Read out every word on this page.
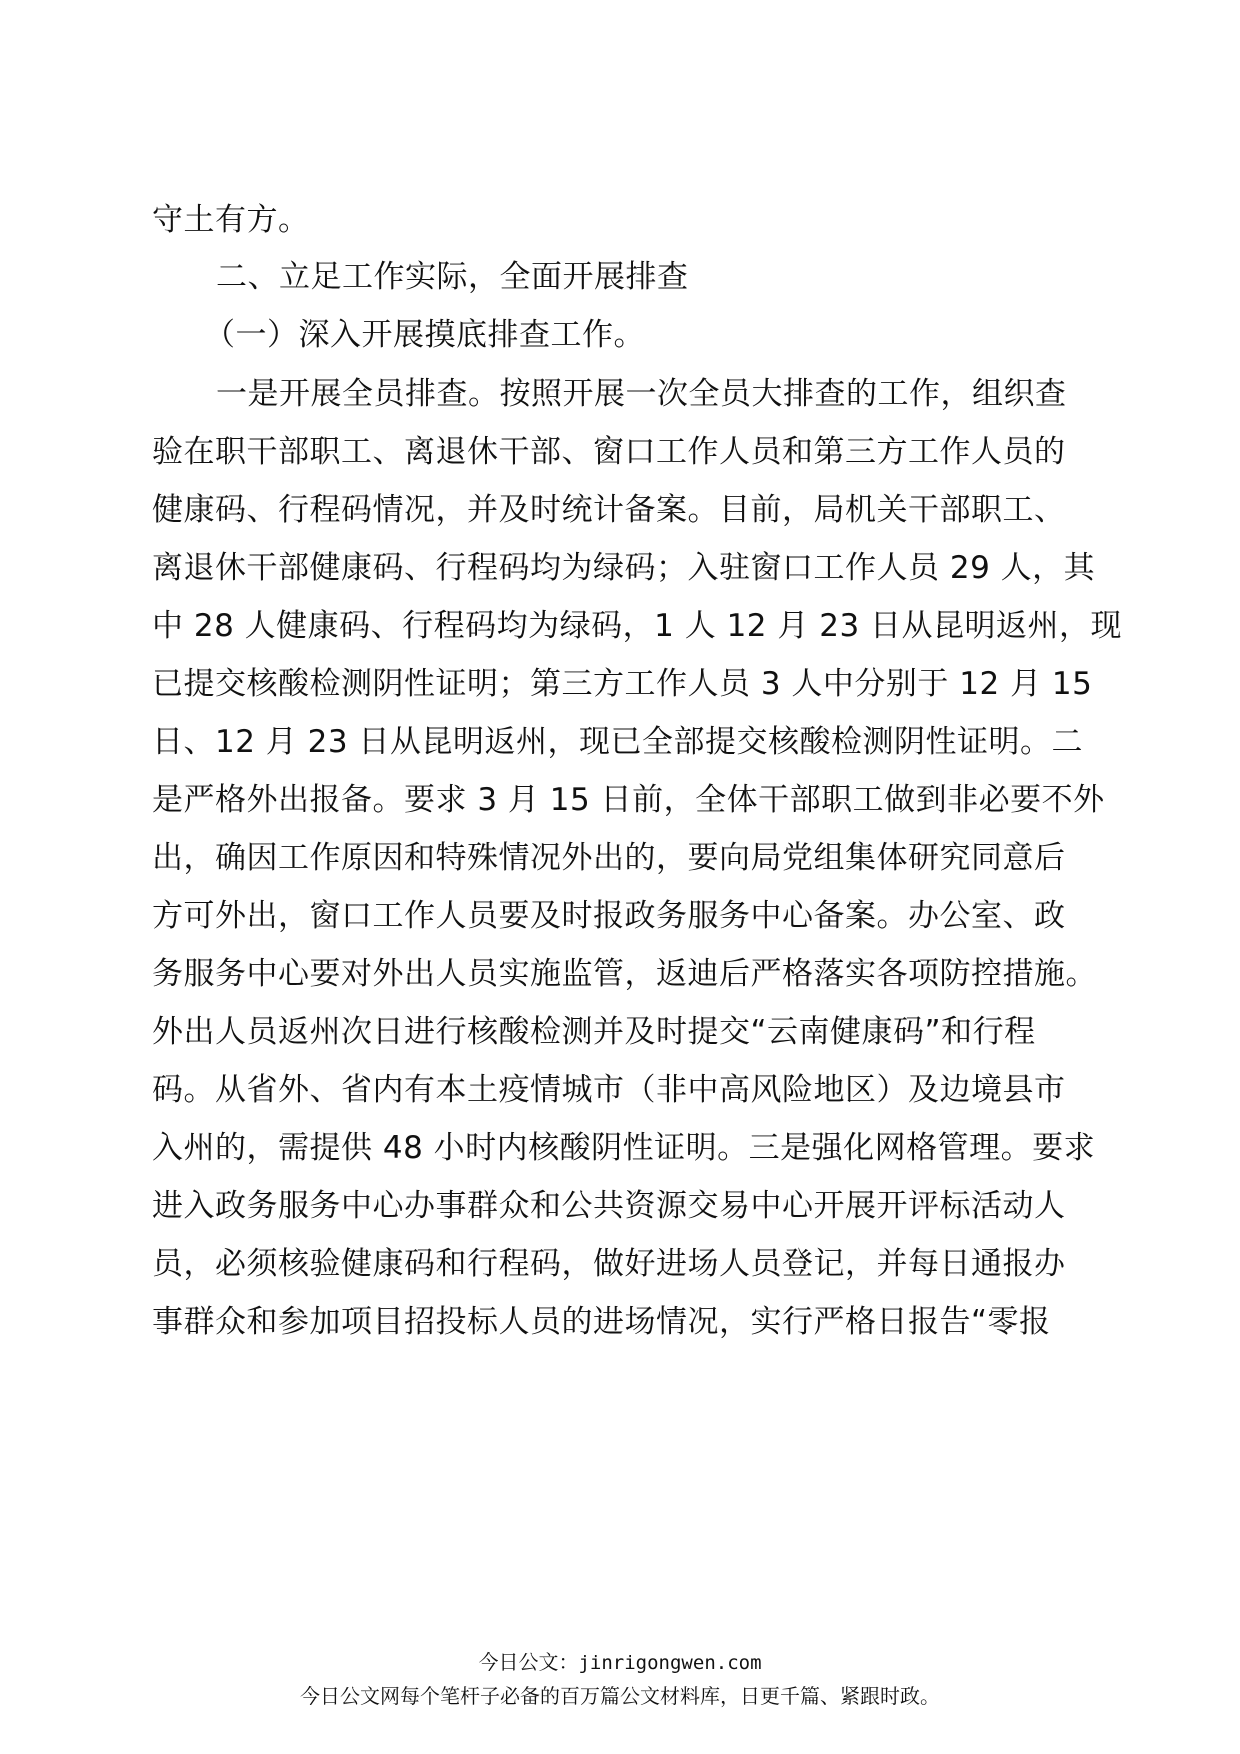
守土有方。
二、立足工作实际，全面开展排查
（一）深入开展摸底排查工作。
一是开展全员排查。按照开展一次全员大排查的工作，组织查
验在职干部职工、离退休干部、窗口工作人员和第三方工作人员的
健康码、行程码情况，并及时统计备案。目前，局机关干部职工、
离退休干部健康码、行程码均为绿码；入驻窗口工作人员 29 人，其
中 28 人健康码、行程码均为绿码，1 人 12 月 23 日从昆明返州，现
已提交核酸检测阴性证明；第三方工作人员 3 人中分别于 12 月 15
日、12 月 23 日从昆明返州，现已全部提交核酸检测阴性证明。二
是严格外出报备。要求 3 月 15 日前，全体干部职工做到非必要不外
出，确因工作原因和特殊情况外出的，要向局党组集体研究同意后
方可外出，窗口工作人员要及时报政务服务中心备案。办公室、政
务服务中心要对外出人员实施监管，返迪后严格落实各项防控措施。
外出人员返州次日进行核酸检测并及时提交“云南健康码”和行程
码。从省外、省内有本土疫情城市（非中高风险地区）及边境县市
入州的，需提供 48 小时内核酸阴性证明。三是强化网格管理。要求
进入政务服务中心办事群众和公共资源交易中心开展开评标活动人
员，必须核验健康码和行程码，做好进场人员登记，并每日通报办
事群众和参加项目招投标人员的进场情况，实行严格日报告“零报
今日公文：jinrigongwen.com
今日公文网每个笔杆子必备的百万篇公文材料库，日更千篇、紧跟时政。
